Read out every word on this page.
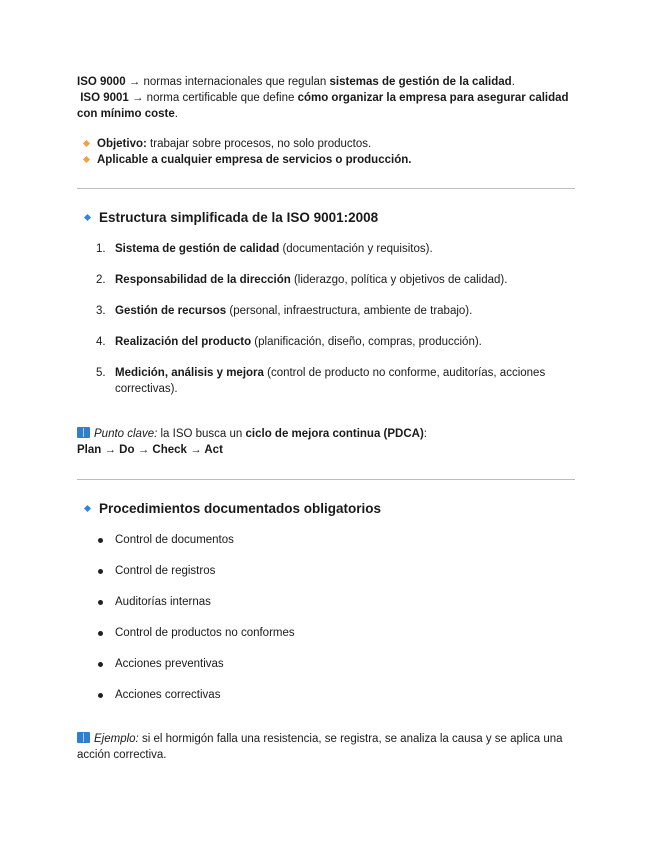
ISO 9000 → normas internacionales que regulan sistemas de gestión de la calidad.

ISO 9001 → norma certificable que define cómo organizar la empresa para asegurar calidad con mínimo coste.

Objetivo: trabajar sobre procesos, no solo productos.
Aplicable a cualquier empresa de servicios o producción.
Estructura simplificada de la ISO 9001:2008
1. Sistema de gestión de calidad (documentación y requisitos).
2. Responsabilidad de la dirección (liderazgo, política y objetivos de calidad).
3. Gestión de recursos (personal, infraestructura, ambiente de trabajo).
4. Realización del producto (planificación, diseño, compras, producción).
5. Medición, análisis y mejora (control de producto no conforme, auditorías, acciones correctivas).
Punto clave: la ISO busca un ciclo de mejora continua (PDCA):
Plan → Do → Check → Act
Procedimientos documentados obligatorios
Control de documentos
Control de registros
Auditorías internas
Control de productos no conformes
Acciones preventivas
Acciones correctivas
Ejemplo: si el hormigón falla una resistencia, se registra, se analiza la causa y se aplica una acción correctiva.
